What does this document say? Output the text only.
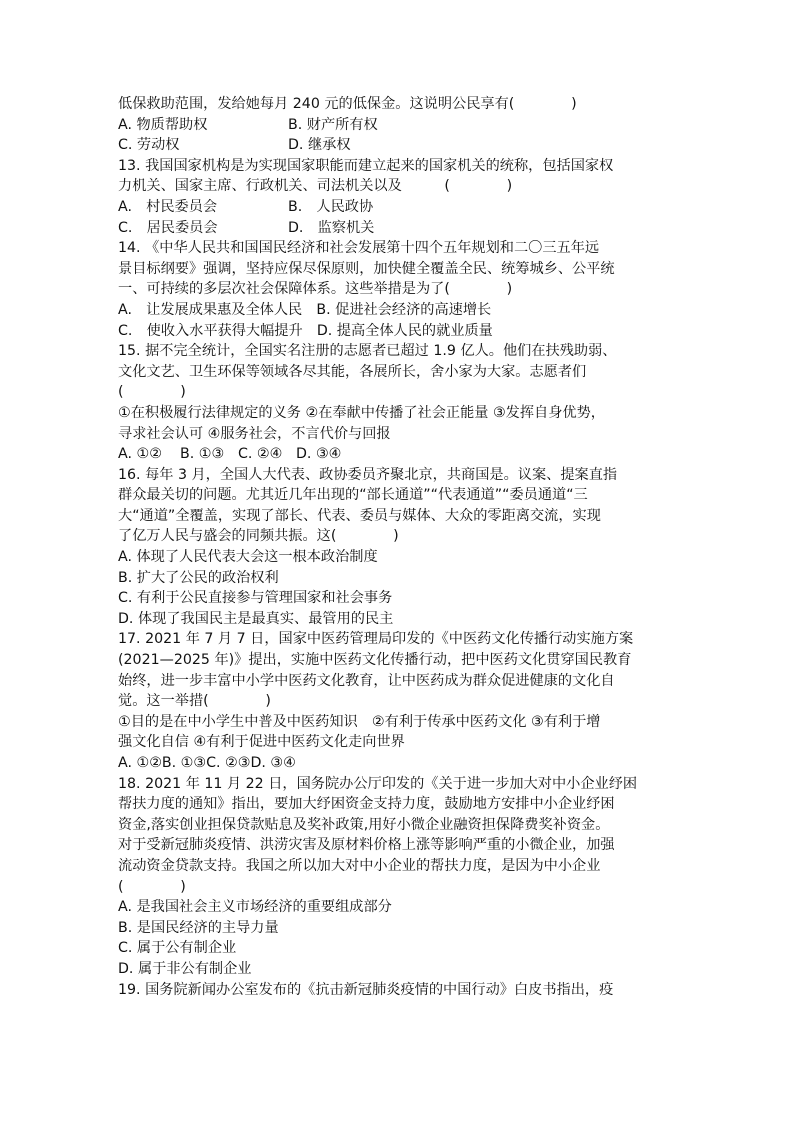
低保救助范围，发给她每月 240 元的低保金。这说明公民享有(　　　　)
A. 物质帮助权	B. 财产所有权
C. 劳动权	D. 继承权
13. 我国国家机构是为实现国家职能而建立起来的国家机关的统称，包括国家权
力机关、国家主席、行政机关、司法机关以及　　　(　　　　)
A.　村民委员会	B.　人民政协
C.　居民委员会	D.　监察机关
14. 《中华人民共和国国民经济和社会发展第十四个五年规划和二〇三五年远
景目标纲要》强调，坚持应保尽保原则，加快健全覆盖全民、统筹城乡、公平统
一、可持续的多层次社会保障体系。这些举措是为了(　　　　)
A.　让发展成果惠及全体人民　B. 促进社会经济的高速增长
C.　使收入水平获得大幅提升　D. 提高全体人民的就业质量
15. 据不完全统计，全国实名注册的志愿者已超过 1.9 亿人。他们在扶残助弱、
文化文艺、卫生环保等领域各尽其能，各展所长，舍小家为大家。志愿者们
(　　　　)
①在积极履行法律规定的义务 ②在奉献中传播了社会正能量 ③发挥自身优势，
寻求社会认可 ④服务社会，不言代价与回报
A. ①②	B. ①③ C. ②④ D. ③④
16. 每年 3 月，全国人大代表、政协委员齐聚北京，共商国是。议案、提案直指
群众最关切的问题。尤其近几年出现的“部长通道”“代表通道”“委员通道“三
大“通道”全覆盖，实现了部长、代表、委员与媒体、大众的零距离交流，实现
了亿万人民与盛会的同频共振。这(　　　　)
A. 体现了人民代表大会这一根本政治制度
B. 扩大了公民的政治权利
C. 有利于公民直接参与管理国家和社会事务
D. 体现了我国民主是最真实、最管用的民主
17. 2021 年 7 月 7 日，国家中医药管理局印发的《中医药文化传播行动实施方案
(2021—2025 年)》提出，实施中医药文化传播行动，把中医药文化贯穿国民教育
始终，进一步丰富中小学中医药文化教育，让中医药成为群众促进健康的文化自
觉。这一举措(　　　　)
①目的是在中小学生中普及中医药知识　②有利于传承中医药文化 ③有利于增
强文化自信 ④有利于促进中医药文化走向世界
A. ①②B. ①③C. ②③D. ③④
18. 2021 年 11 月 22 日，国务院办公厅印发的《关于进一步加大对中小企业纾困
帮扶力度的通知》指出，要加大纾困资金支持力度，鼓励地方安排中小企业纾困
资金,落实创业担保贷款贴息及奖补政策,用好小微企业融资担保降费奖补资金。
对于受新冠肺炎疫情、洪涝灾害及原材料价格上涨等影响严重的小微企业，加强
流动资金贷款支持。我国之所以加大对中小企业的帮扶力度，是因为中小企业
(　　　　)
A. 是我国社会主义市场经济的重要组成部分
B. 是国民经济的主导力量
C. 属于公有制企业
D. 属于非公有制企业
19. 国务院新闻办公室发布的《抗击新冠肺炎疫情的中国行动》白皮书指出，疫
